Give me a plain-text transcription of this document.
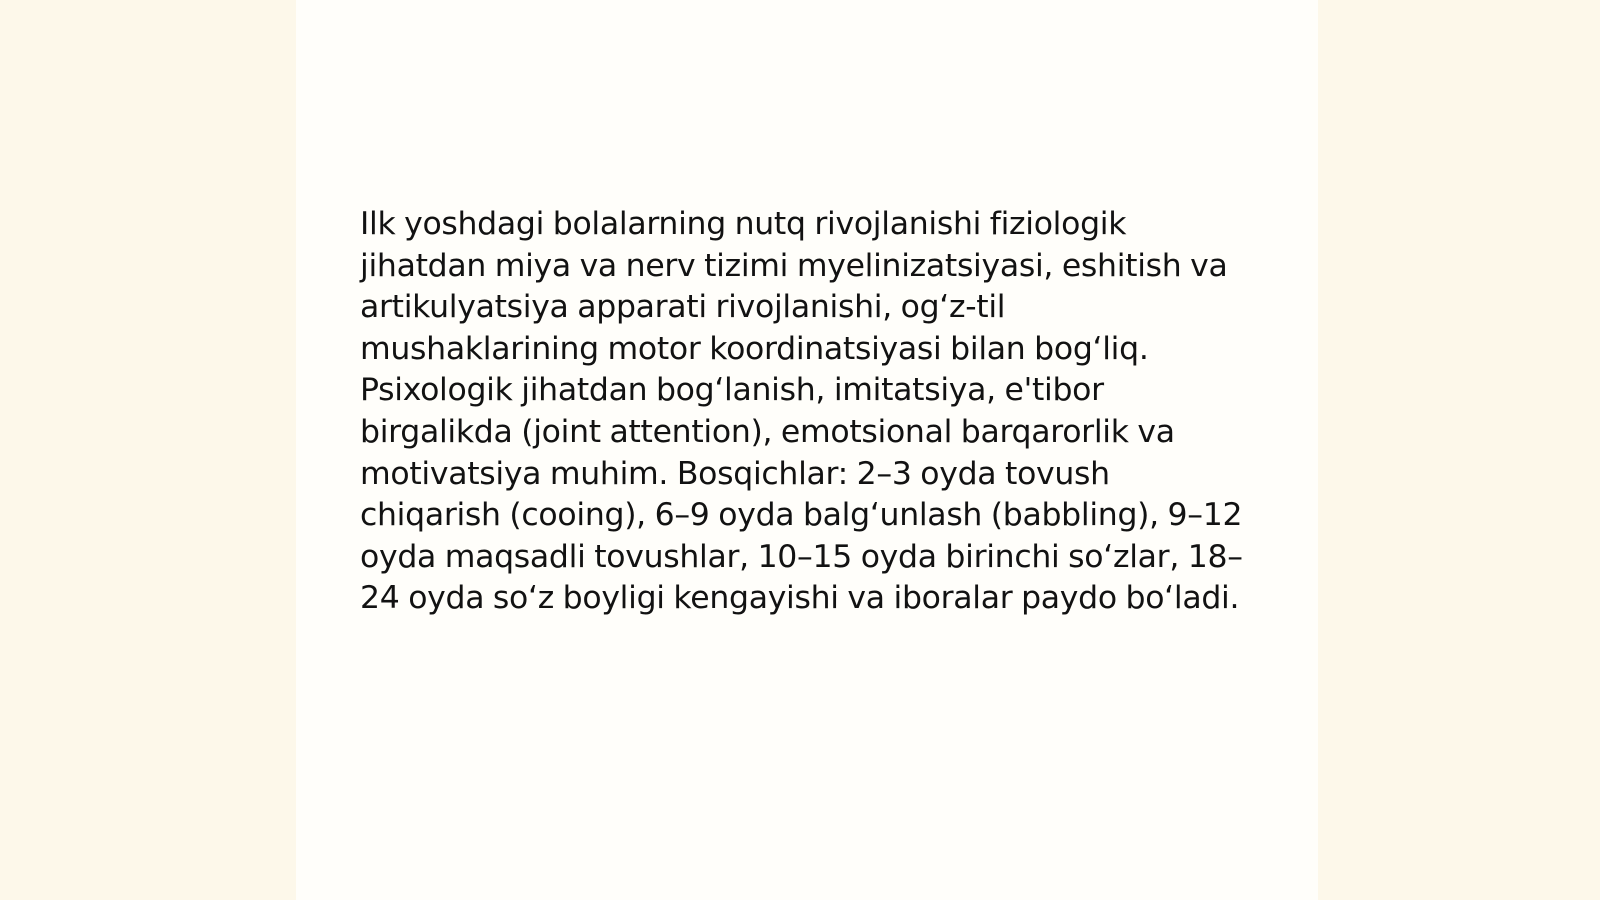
Ilk yoshdagi bolalarning nutq rivojlanishi fiziologik jihatdan miya va nerv tizimi myelinizatsiyasi, eshitish va artikulyatsiya apparati rivojlanishi, og‘z-til mushaklarining motor koordinatsiyasi bilan bog‘liq. Psixologik jihatdan bog‘lanish, imitatsiya, e'tibor birgalikda (joint attention), emotsional barqarorlik va motivatsiya muhim. Bosqichlar: 2–3 oyda tovush chiqarish (cooing), 6–9 oyda balg‘unlash (babbling), 9–12 oyda maqsadli tovushlar, 10–15 oyda birinchi so‘zlar, 18–24 oyda so‘z boyligi kengayishi va iboralar paydo bo‘ladi.
